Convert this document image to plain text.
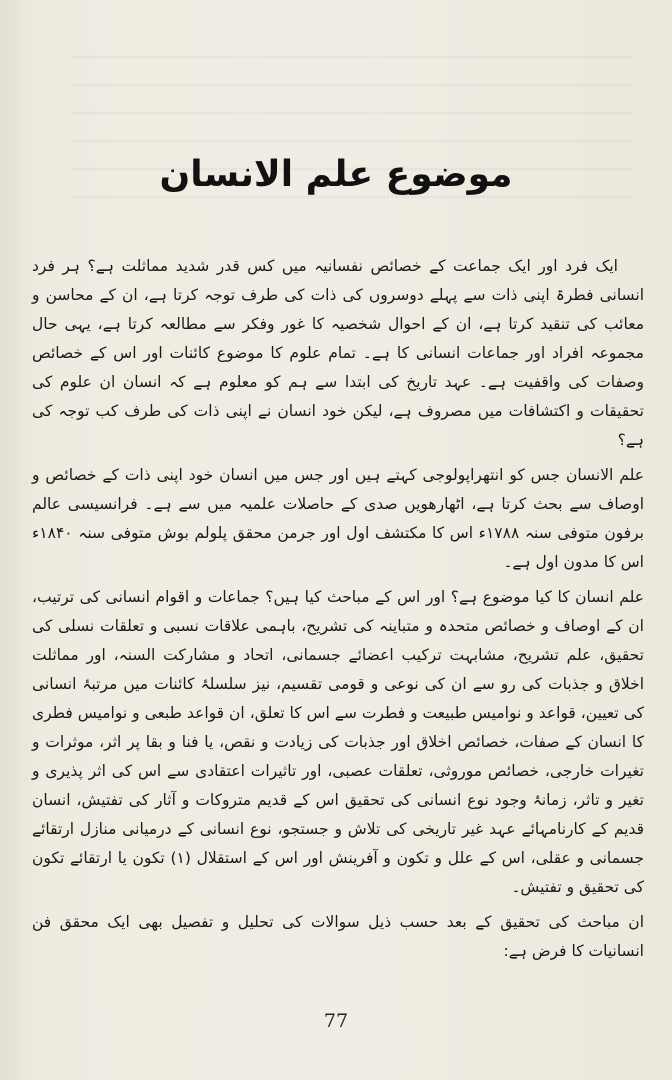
موضوع علم الانسان

ایک فرد اور ایک جماعت کے خصائص نفسانیہ میں کس قدر شدید مماثلت ہے؟ ہر فرد انسانی فطرۃ اپنی ذات سے پہلے دوسروں کی ذات کی طرف توجہ کرتا ہے، ان کے محاسن و معائب کی تنقید کرتا ہے، ان کے احوال شخصیہ کا غور وفکر سے مطالعہ کرتا ہے، یہی حال مجموعہ افراد اور جماعات انسانی کا ہے۔ تمام علوم کا موضوع کائنات اور اس کے خصائص وصفات کی واقفیت ہے۔ عہد تاریخ کی ابتدا سے ہم کو معلوم ہے کہ انسان ان علوم کی تحقیقات و اکتشافات میں مصروف ہے، لیکن خود انسان نے اپنی ذات کی طرف کب توجہ کی ہے؟

علم الانسان جس کو انتھراپولوجی کہتے ہیں اور جس میں انسان خود اپنی ذات کے خصائص و اوصاف سے بحث کرتا ہے، اٹھارھویں صدی کے حاصلات علمیہ میں سے ہے۔ فرانسیسی عالم برفون متوفی سنہ ۱۷۸۸ء اس کا مکتشف اول اور جرمن محقق پلولم بوش متوفی سنہ ۱۸۴۰ء اس کا مدون اول ہے۔

علم انسان کا کیا موضوع ہے؟ اور اس کے مباحث کیا ہیں؟ جماعات و اقوام انسانی کی ترتیب، ان کے اوصاف و خصائص متحدہ و متباینہ کی تشریح، باہمی علاقات نسبی و تعلقات نسلی کی تحقیق، علم تشریح، مشابہت ترکیب اعضائے جسمانی، اتحاد و مشارکت السنہ، اور مماثلت اخلاق و جذبات کی رو سے ان کی نوعی و قومی تقسیم، نیز سلسلۂ کائنات میں مرتبۂ انسانی کی تعیین، قواعد و نوامیس طبیعت و فطرت سے اس کا تعلق، ان قواعد طبعی و نوامیس فطری کا انسان کے صفات، خصائص اخلاق اور جذبات کی زیادت و نقص، یا فنا و بقا پر اثر، موثرات و تغیرات خارجی، خصائص موروثی، تعلقات عصبی، اور تاثیرات اعتقادی سے اس کی اثر پذیری و تغیر و تاثر، زمانۂ وجود نوع انسانی کی تحقیق اس کے قدیم متروکات و آثار کی تفتیش، انسان قدیم کے کارنامہائے عہد غیر تاریخی کی تلاش و جستجو، نوع انسانی کے درمیانی منازل ارتقائے جسمانی و عقلی، اس کے علل و تکون و آفرینش اور اس کے استقلال (۱) تکون یا ارتقائے تکون کی تحقیق و تفتیش۔

ان مباحث کی تحقیق کے بعد حسب ذیل سوالات کی تحلیل و تفصیل بھی ایک محقق فن انسانیات کا فرض ہے:

77
